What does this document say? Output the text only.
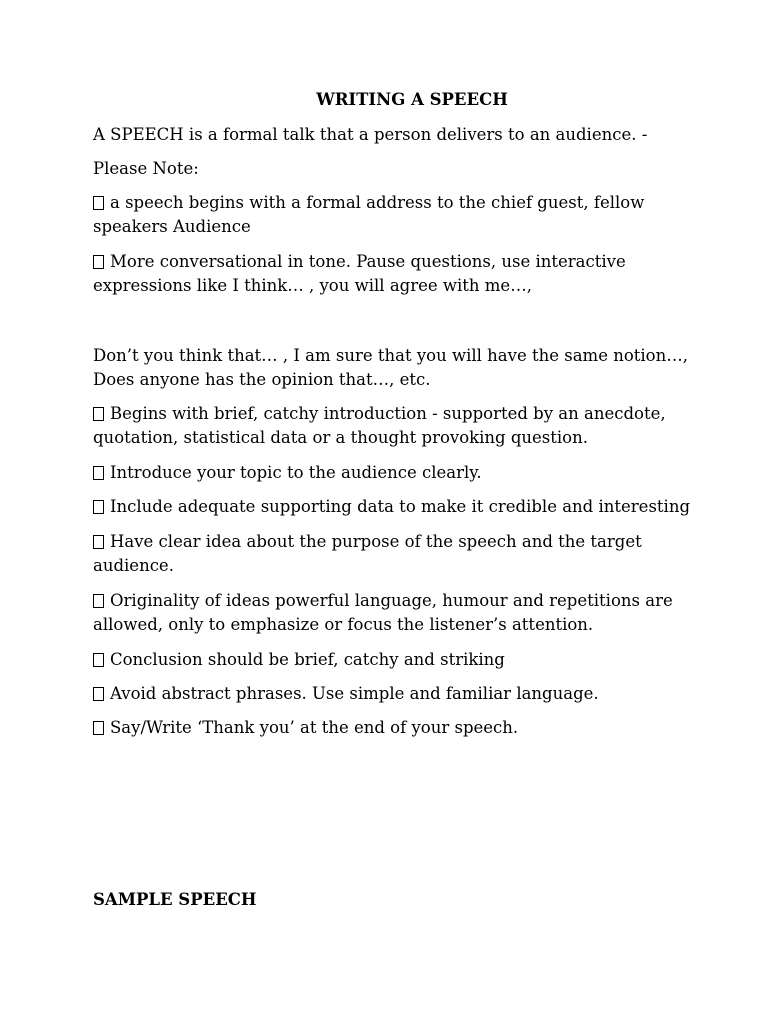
WRITING A SPEECH
A SPEECH is a formal talk that a person delivers to an audience. -
Please Note:
a speech begins with a formal address to the chief guest, fellow
speakers Audience
More conversational in tone. Pause questions, use interactive
expressions like I think… , you will agree with me…,
Don’t you think that… , I am sure that you will have the same notion…,
Does anyone has the opinion that…, etc.
Begins with brief, catchy introduction - supported by an anecdote,
quotation, statistical data or a thought provoking question.
Introduce your topic to the audience clearly.
Include adequate supporting data to make it credible and interesting
Have clear idea about the purpose of the speech and the target
audience.
Originality of ideas powerful language, humour and repetitions are
allowed, only to emphasize or focus the listener’s attention.
Conclusion should be brief, catchy and striking
Avoid abstract phrases. Use simple and familiar language.
Say/Write ‘Thank you’ at the end of your speech.
SAMPLE SPEECH
